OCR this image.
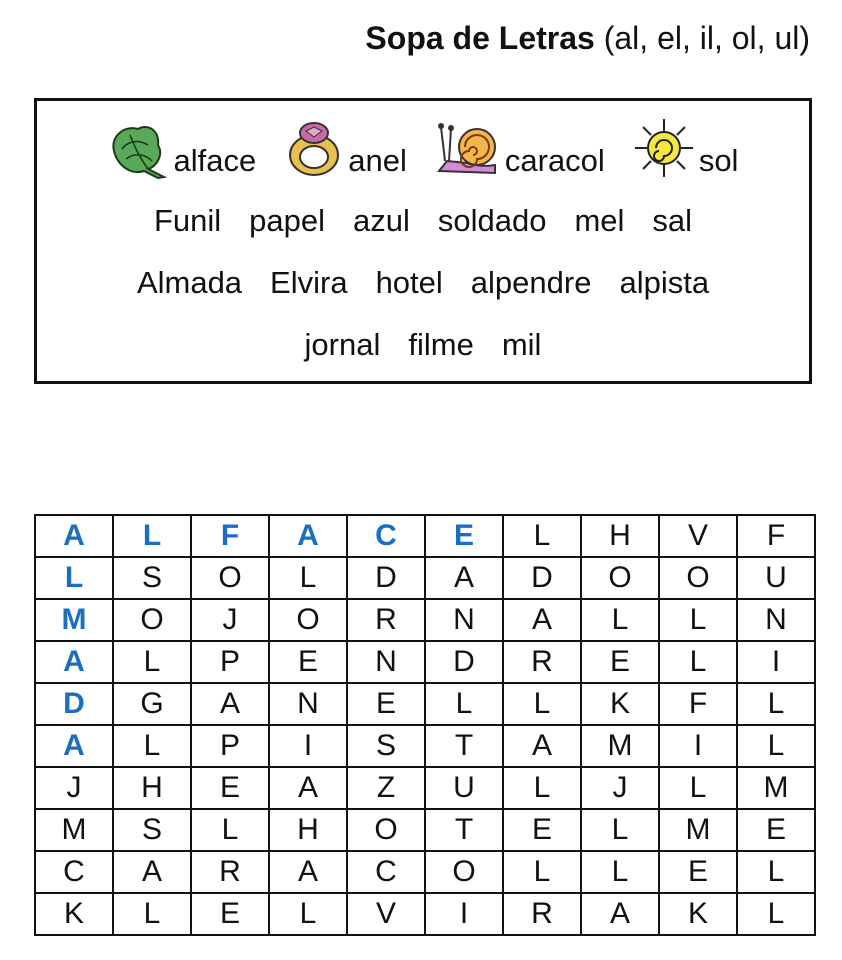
Sopa de Letras (al, el, il, ol, ul)
alface	anel	caracol	sol
Funil papel azul soldado mel sal
Almada Elvira hotel alpendre alpista
jornal filme mil
A	L	F	A	C	E	L	H	V	F
L	S	O	L	D	A	D	O	O	U
M	O	J	O	R	N	A	L	L	N
A	L	P	E	N	D	R	E	L	I
D	G	A	N	E	L	L	K	F	L
A	L	P	I	S	T	A	M	I	L
J	H	E	A	Z	U	L	J	L	M
M	S	L	H	O	T	E	L	M	E
C	A	R	A	C	O	L	L	E	L
K	L	E	L	V	I	R	A	K	L
